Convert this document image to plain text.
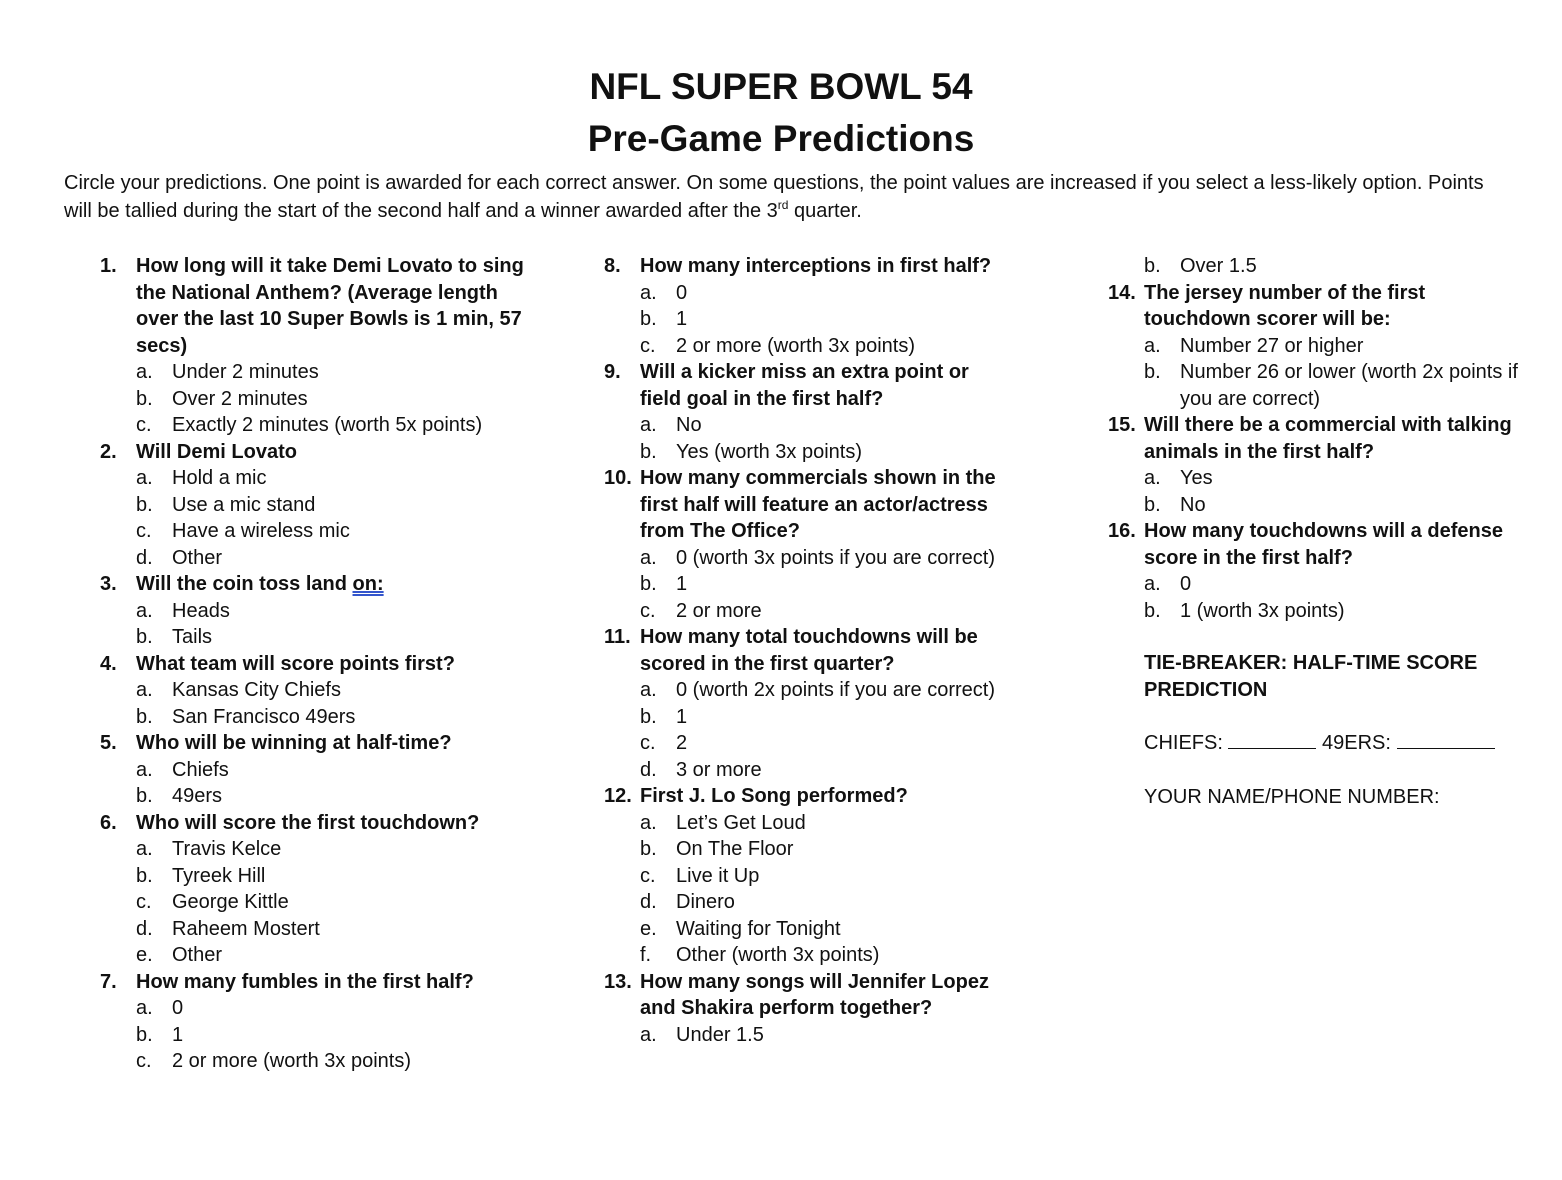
NFL SUPER BOWL 54
Pre-Game Predictions

Circle your predictions. One point is awarded for each correct answer. On some questions, the point values are increased if you select a less-likely option. Points will be tallied during the start of the second half and a winner awarded after the 3rd quarter.

1. How long will it take Demi Lovato to sing the National Anthem? (Average length over the last 10 Super Bowls is 1 min, 57 secs)
a. Under 2 minutes
b. Over 2 minutes
c.	Exactly 2 minutes (worth 5x points)
2. Will Demi Lovato
a. Hold a mic
b. Use a mic stand
c.	Have a wireless mic
d. Other
3. Will the coin toss land on:
a. Heads
b. Tails
4. What team will score points first?
a. Kansas City Chiefs
b. San Francisco 49ers
5. Who will be winning at half-time?
a. Chiefs
b. 49ers
6. Who will score the first touchdown?
a. Travis Kelce
b. Tyreek Hill
c.	George Kittle
d. Raheem Mostert
e. Other
7. How many fumbles in the first half?
a. 0
b. 1
c.	2 or more (worth 3x points)
8. How many interceptions in first half?
a. 0
b. 1
c.	2 or more (worth 3x points)
9. Will a kicker miss an extra point or field goal in the first half?
a. No
b. Yes (worth 3x points)
10. How many commercials shown in the first half will feature an actor/actress from The Office?
a. 0 (worth 3x points if you are correct)
b. 1
c.	2 or more
11. How many total touchdowns will be scored in the first quarter?
a. 0 (worth 2x points if you are correct)
b. 1
c.	2
d. 3 or more
12. First J. Lo Song performed?
a. Let’s Get Loud
b. On The Floor
c.	Live it Up
d. Dinero
e. Waiting for Tonight
f.	Other (worth 3x points)
13. How many songs will Jennifer Lopez and Shakira perform together?
a. Under 1.5
b. Over 1.5
14. The jersey number of the first touchdown scorer will be:
a. Number 27 or higher
b. Number 26 or lower (worth 2x points if you are correct)
15. Will there be a commercial with talking animals in the first half?
a. Yes
b. No
16. How many touchdowns will a defense score in the first half?
a. 0
b. 1 (worth 3x points)
TIE-BREAKER: HALF-TIME SCORE PREDICTION
CHIEFS:	49ERS:
YOUR NAME/PHONE NUMBER:
